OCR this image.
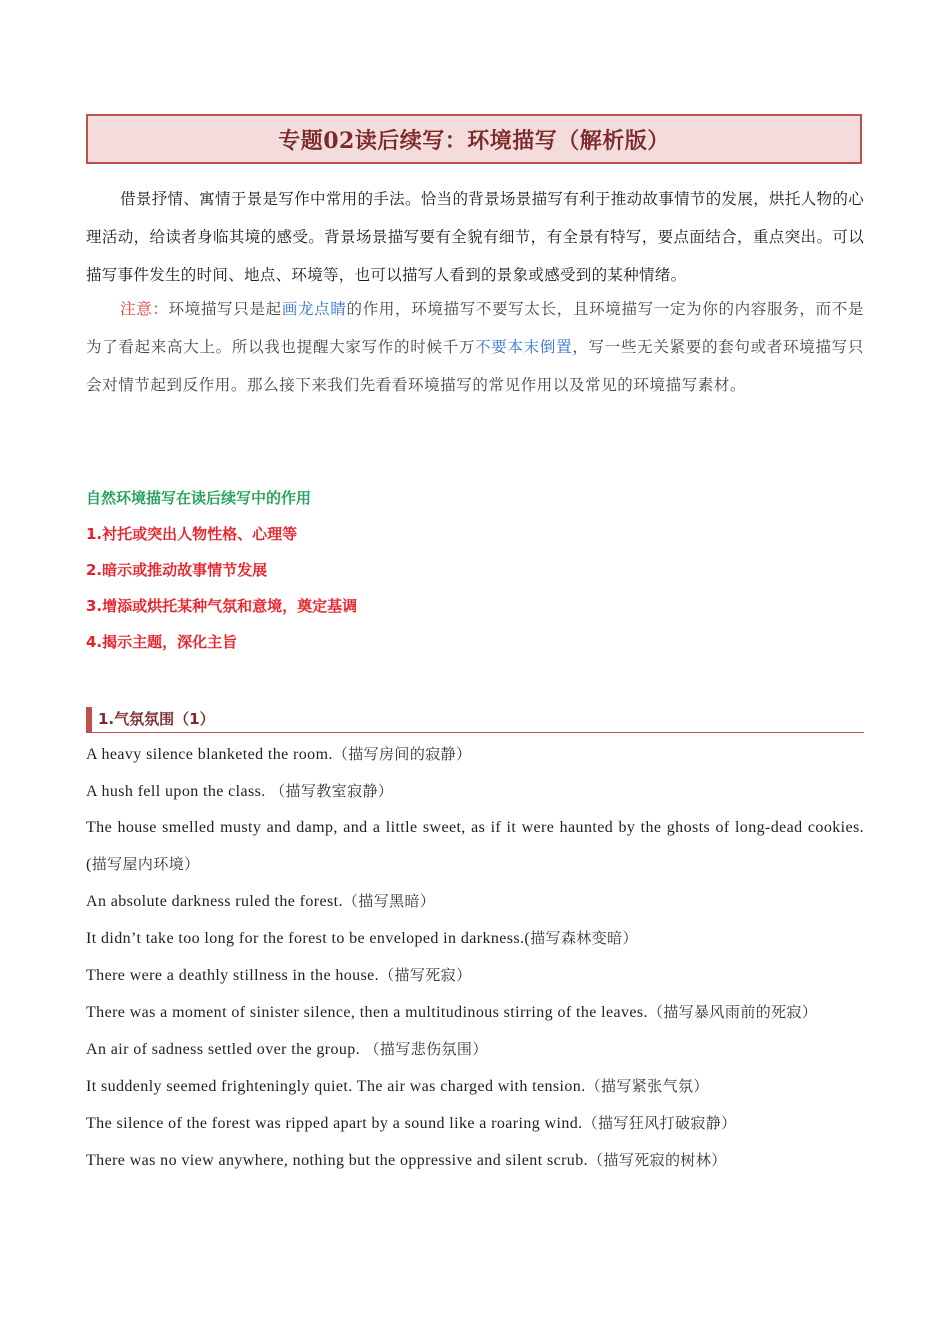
专题02读后续写：环境描写（解析版）

借景抒情、寓情于景是写作中常用的手法。恰当的背景场景描写有利于推动故事情节的发展，烘托人物的心理活动，给读者身临其境的感受。背景场景描写要有全貌有细节，有全景有特写，要点面结合，重点突出。可以描写事件发生的时间、地点、环境等，也可以描写人看到的景象或感受到的某种情绪。

注意：环境描写只是起画龙点睛的作用，环境描写不要写太长，且环境描写一定为你的内容服务，而不是为了看起来高大上。所以我也提醒大家写作的时候千万不要本末倒置，写一些无关紧要的套句或者环境描写只会对情节起到反作用。那么接下来我们先看看环境描写的常见作用以及常见的环境描写素材。

自然环境描写在读后续写中的作用
1.衬托或突出人物性格、心理等
2.暗示或推动故事情节发展
3.增添或烘托某种气氛和意境，奠定基调
4.揭示主题，深化主旨
1.气氛氛围（1）

A heavy silence blanketed the room.（描写房间的寂静）

A hush fell upon the class. （描写教室寂静）

The house smelled musty and damp, and a little sweet, as if it were haunted by the ghosts of long-dead cookies.(描写屋内环境）

An absolute darkness ruled the forest.（描写黑暗）

It didn’t take too long for the forest to be enveloped in darkness.(描写森林变暗）

There were a deathly stillness in the house.（描写死寂）

There was a moment of sinister silence, then a multitudinous stirring of the leaves.（描写暴风雨前的死寂）

An air of sadness settled over the group. （描写悲伤氛围）

It suddenly seemed frighteningly quiet. The air was charged with tension.（描写紧张气氛）

The silence of the forest was ripped apart by a sound like a roaring wind.（描写狂风打破寂静）

There was no view anywhere, nothing but the oppressive and silent scrub.（描写死寂的树林）
